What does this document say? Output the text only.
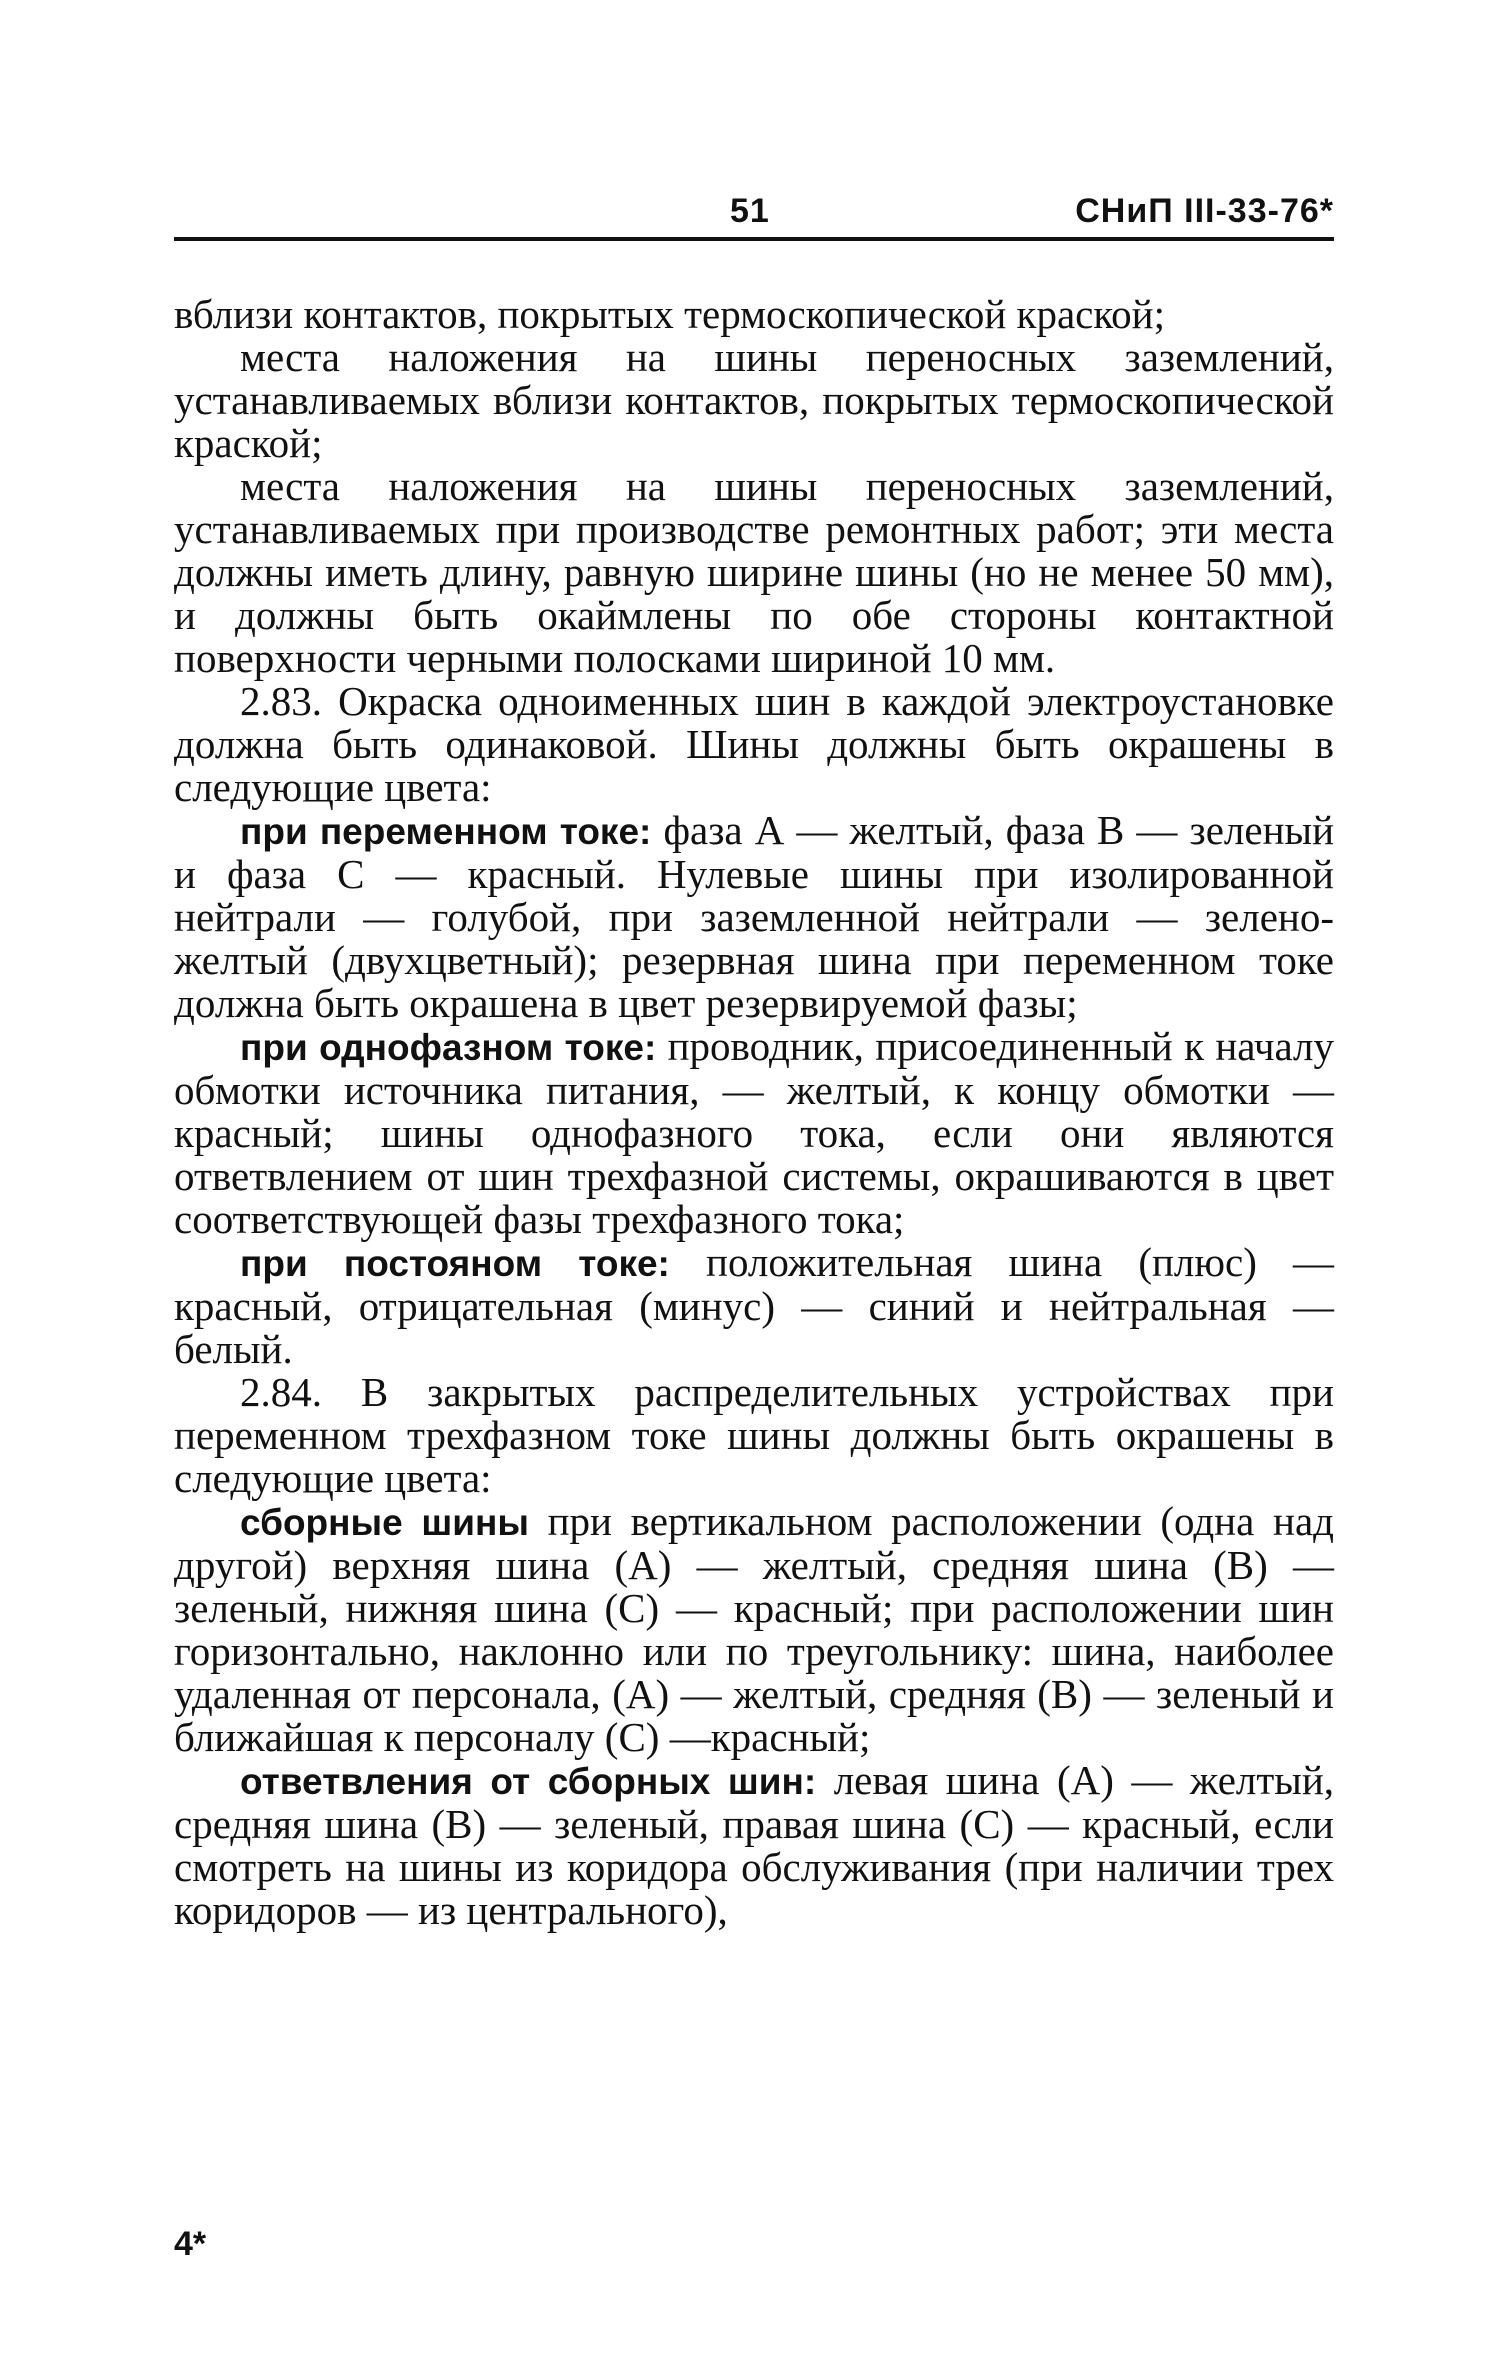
51	СНиП III-33-76*

вблизи контактов, покрытых термоскопической краской;

места наложения на шины переносных заземлений, устанавливаемых вблизи контактов, покрытых термоскопической краской;

места наложения на шины переносных заземлений, устанавливаемых при производстве ремонтных работ; эти места должны иметь длину, равную ширине шины (но не менее 50 мм), и должны быть окаймлены по обе стороны контактной поверхности черными полосками шириной 10 мм.

2.83. Окраска одноименных шин в каждой электроустановке должна быть одинаковой. Шины должны быть окрашены в следующие цвета:

при переменном токе: фаза А — желтый, фаза В — зеленый и фаза С — красный. Нулевые шины при изолированной нейтрали — голубой, при заземленной нейтрали — зелено-желтый (двухцветный); резервная шина при переменном токе должна быть окрашена в цвет резервируемой фазы;

при однофазном токе: проводник, присоединенный к началу обмотки источника питания, — желтый, к концу обмотки — красный; шины однофазного тока, если они являются ответвлением от шин трехфазной системы, окрашиваются в цвет соответствующей фазы трехфазного тока;

при постояном токе: положительная шина (плюс) — красный, отрицательная (минус) — синий и нейтральная — белый.

2.84. В закрытых распределительных устройствах при переменном трехфазном токе шины должны быть окрашены в следующие цвета:

сборные шины при вертикальном расположении (одна над другой) верхняя шина (А) — желтый, средняя шина (В) — зеленый, нижняя шина (С) — красный; при расположении шин горизонтально, наклонно или по треугольнику: шина, наиболее удаленная от персонала, (А) — желтый, средняя (В) — зеленый и ближайшая к персоналу (С) —красный;

ответвления от сборных шин: левая шина (А) — желтый, средняя шина (В) — зеленый, правая шина (С) — красный, если смотреть на шины из коридора обслуживания (при наличии трех коридоров — из центрального),

4*
